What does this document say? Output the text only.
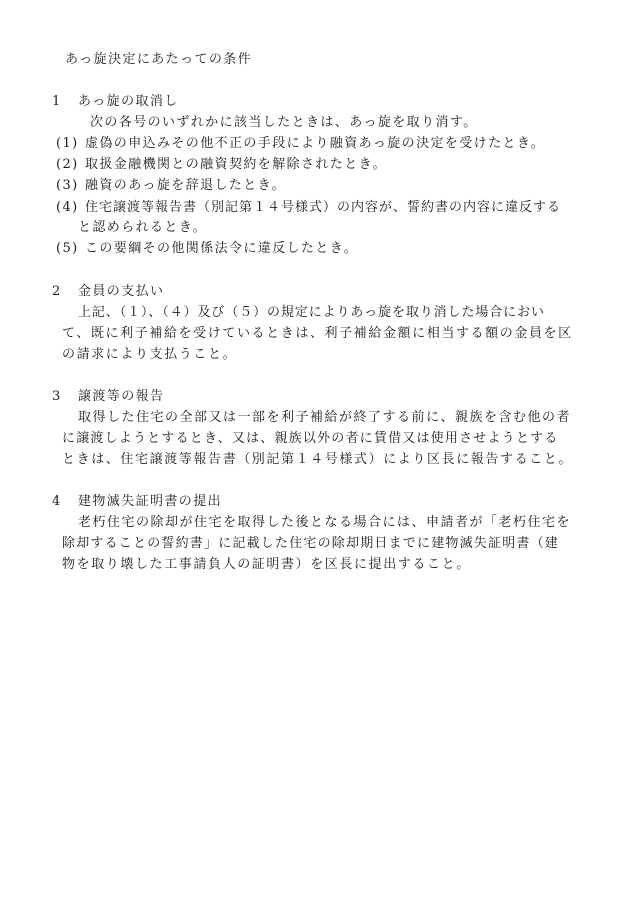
あっ旋決定にあたっての条件
1 あっ旋の取消し
次の各号のいずれかに該当したときは、あっ旋を取り消す。
(1) 虚偽の申込みその他不正の手段により融資あっ旋の決定を受けたとき。
(2) 取扱金融機関との融資契約を解除されたとき。
(3) 融資のあっ旋を辞退したとき。
(4) 住宅譲渡等報告書（別記第１４号様式）の内容が、誓約書の内容に違反する
と認められるとき。
(5) この要綱その他関係法令に違反したとき。
2 金員の支払い
上記、（１）、（４）及び（５）の規定によりあっ旋を取り消した場合におい
て、既に利子補給を受けているときは、利子補給金額に相当する額の金員を区
の請求により支払うこと。
3 譲渡等の報告
取得した住宅の全部又は一部を利子補給が終了する前に、親族を含む他の者
に譲渡しようとするとき、又は、親族以外の者に賃借又は使用させようとする
ときは、住宅譲渡等報告書（別記第１４号様式）により区長に報告すること。
4 建物滅失証明書の提出
老朽住宅の除却が住宅を取得した後となる場合には、申請者が「老朽住宅を
除却することの誓約書」に記載した住宅の除却期日までに建物滅失証明書（建
物を取り壊した工事請負人の証明書）を区長に提出すること。
